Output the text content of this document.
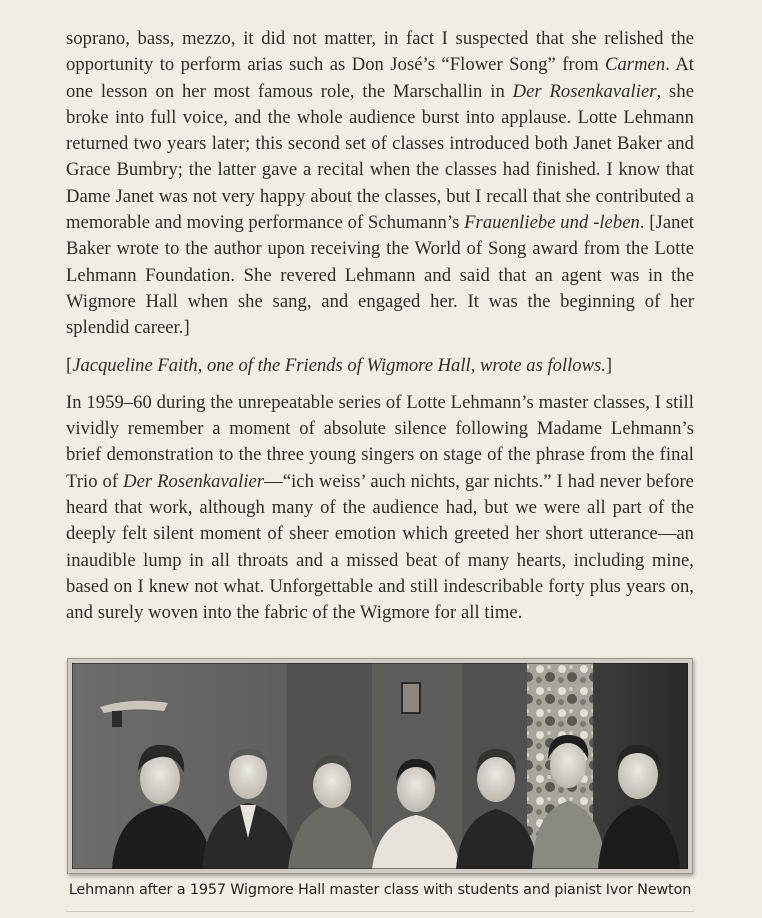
soprano, bass, mezzo, it did not matter, in fact I suspected that she relished the opportunity to perform arias such as Don José’s “Flower Song” from Carmen. At one lesson on her most famous role, the Marschallin in Der Rosenkavalier, she broke into full voice, and the whole audience burst into applause. Lotte Lehmann returned two years later; this second set of classes introduced both Janet Baker and Grace Bumbry; the latter gave a recital when the classes had finished. I know that Dame Janet was not very happy about the classes, but I recall that she contributed a memorable and moving performance of Schumann’s Frauenliebe und -leben. [Janet Baker wrote to the author upon receiving the World of Song award from the Lotte Lehmann Foundation. She revered Lehmann and said that an agent was in the Wigmore Hall when she sang, and engaged her. It was the beginning of her splendid career.]

[Jacqueline Faith, one of the Friends of Wigmore Hall, wrote as follows.]

In 1959–60 during the unrepeatable series of Lotte Lehmann’s master classes, I still vividly remember a moment of absolute silence following Madame Lehmann’s brief demonstration to the three young singers on stage of the phrase from the final Trio of Der Rosenkavalier—“ich weiss’ auch nichts, gar nichts.” I had never before heard that work, although many of the audience had, but we were all part of the deeply felt silent moment of sheer emotion which greeted her short utterance—an inaudible lump in all throats and a missed beat of many hearts, including mine, based on I knew not what. Unforgettable and still indescribable forty plus years on, and surely woven into the fabric of the Wigmore for all time.

Lehmann after a 1957 Wigmore Hall master class with students and pianist Ivor Newton
